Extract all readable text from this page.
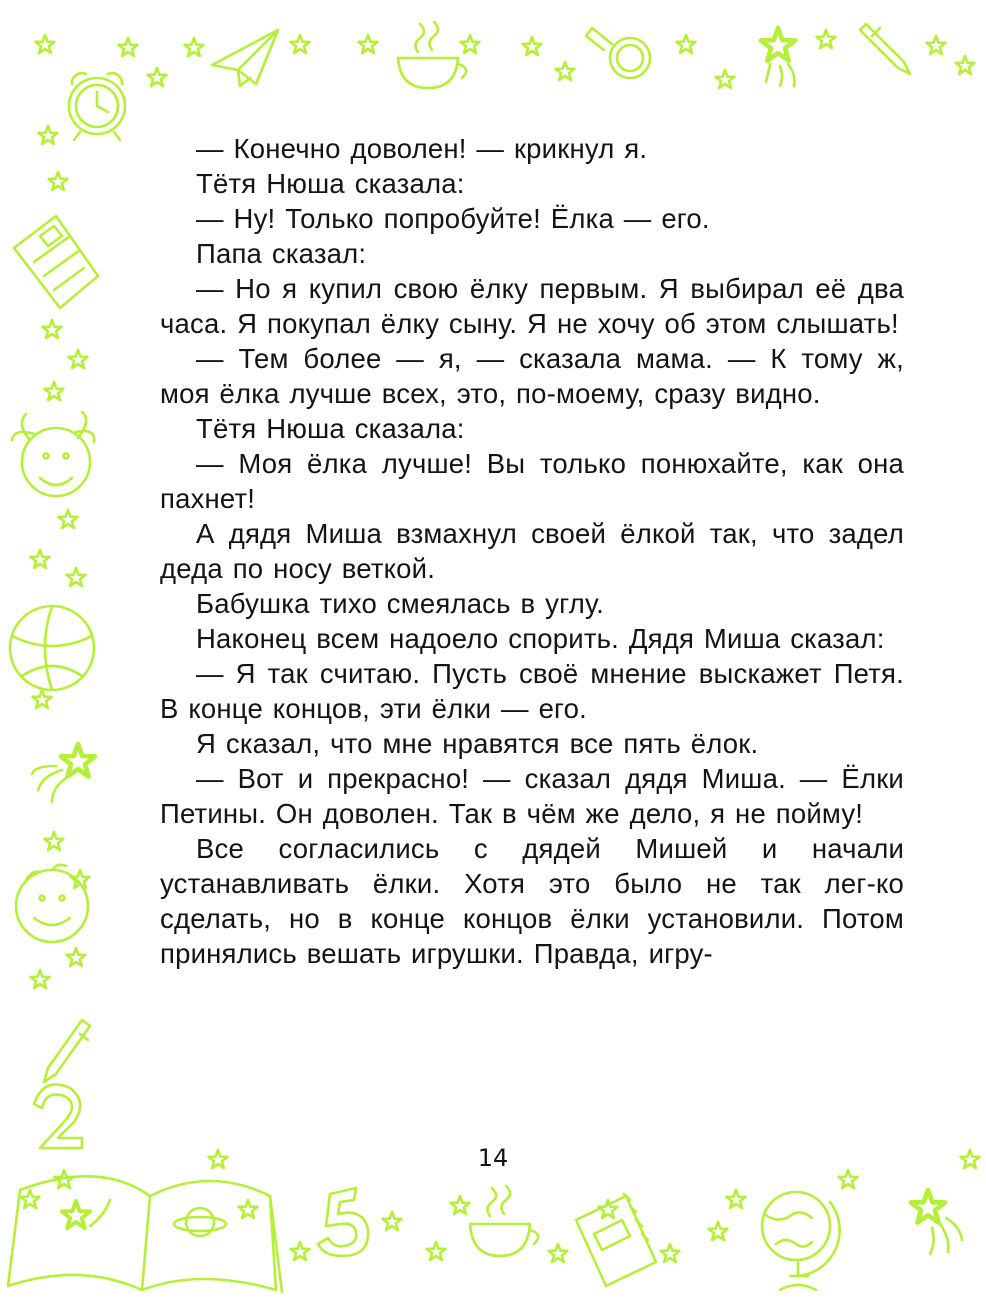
— Конечно доволен! — крикнул я.

Тётя Нюша сказала:

— Ну! Только попробуйте! Ёлка — его.

Папа сказал:

— Но я купил свою ёлку первым. Я выбирал её два часа. Я покупал ёлку сыну. Я не хочу об этом слышать!

— Тем более — я, — сказала мама. — К тому ж, моя ёлка лучше всех, это, по-моему, сразу видно.

Тётя Нюша сказала:

— Моя ёлка лучше! Вы только понюхайте, как она пахнет!

А дядя Миша взмахнул своей ёлкой так, что задел деда по носу веткой.

Бабушка тихо смеялась в углу.

Наконец всем надоело спорить. Дядя Миша сказал:

— Я так считаю. Пусть своё мнение выскажет Петя. В конце концов, эти ёлки — его.

Я сказал, что мне нравятся все пять ёлок.

— Вот и прекрасно! — сказал дядя Миша. — Ёлки Петины. Он доволен. Так в чём же дело, я не пойму!

Все согласились с дядей Мишей и начали устанавливать ёлки. Хотя это было не так лег-ко сделать, но в конце концов ёлки установили. Потом принялись вешать игрушки. Правда, игру-

14
